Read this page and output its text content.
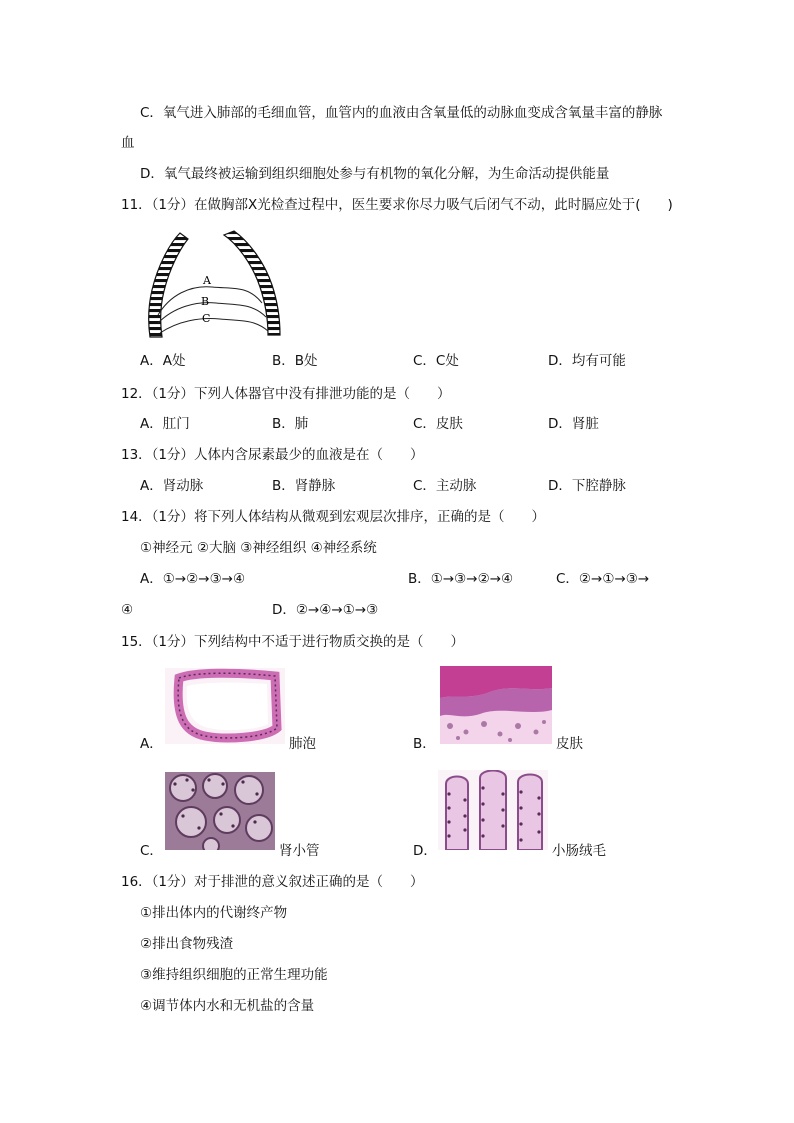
C．氧气进入肺部的毛细血管，血管内的血液由含氧量低的动脉血变成含氧量丰富的静脉
血
D．氧气最终被运输到组织细胞处参与有机物的氧化分解，为生命活动提供能量
11．（1分）在做胸部X光检查过程中，医生要求你尽力吸气后闭气不动，此时膈应处于(　　)
A
B
C
A．A处	B．B处	C．C处	D．均有可能
12．（1分）下列人体器官中没有排泄功能的是（　　）
A．肛门	B．肺	C．皮肤	D．肾脏
13．（1分）人体内含尿素最少的血液是在（　　）
A．肾动脉	B．肾静脉	C．主动脉	D．下腔静脉
14．（1分）将下列人体结构从微观到宏观层次排序，正确的是（　　）
①神经元 ②大脑 ③神经组织 ④神经系统
A．①→②→③→④	B．①→③→②→④	C．②→①→③→
④	D．②→④→①→③
15．（1分）下列结构中不适于进行物质交换的是（　　）
A．	肺泡	B．	皮肤
C．	肾小管	D．	小肠绒毛
16．（1分）对于排泄的意义叙述正确的是（　　）
①排出体内的代谢终产物
②排出食物残渣
③维持组织细胞的正常生理功能
④调节体内水和无机盐的含量
